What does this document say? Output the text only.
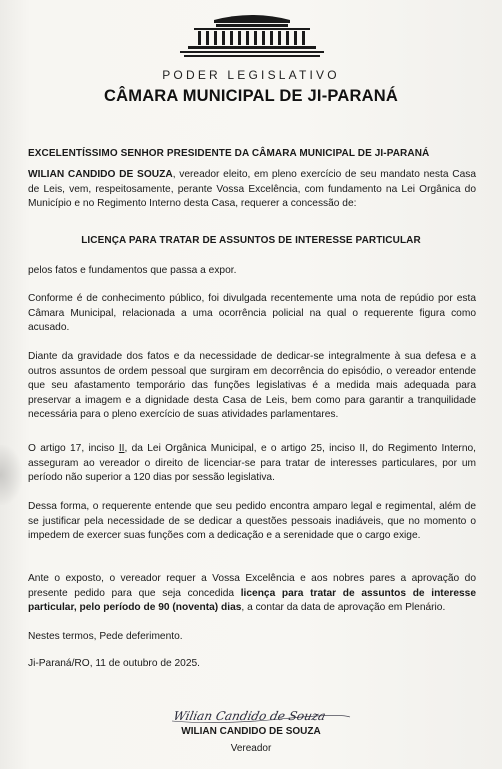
PODER LEGISLATIVO
CÂMARA MUNICIPAL DE JI-PARANÁ
EXCELENTÍSSIMO SENHOR PRESIDENTE DA CÂMARA MUNICIPAL DE JI-PARANÁ
WILIAN CANDIDO DE SOUZA, vereador eleito, em pleno exercício de seu mandato nesta Casa de Leis, vem, respeitosamente, perante Vossa Excelência, com fundamento na Lei Orgânica do Município e no Regimento Interno desta Casa, requerer a concessão de:
LICENÇA PARA TRATAR DE ASSUNTOS DE INTERESSE PARTICULAR
pelos fatos e fundamentos que passa a expor.
Conforme é de conhecimento público, foi divulgada recentemente uma nota de repúdio por esta Câmara Municipal, relacionada a uma ocorrência policial na qual o requerente figura como acusado.
Diante da gravidade dos fatos e da necessidade de dedicar-se integralmente à sua defesa e a outros assuntos de ordem pessoal que surgiram em decorrência do episódio, o vereador entende que seu afastamento temporário das funções legislativas é a medida mais adequada para preservar a imagem e a dignidade desta Casa de Leis, bem como para garantir a tranquilidade necessária para o pleno exercício de suas atividades parlamentares.
O artigo 17, inciso II, da Lei Orgânica Municipal, e o artigo 25, inciso II, do Regimento Interno, asseguram ao vereador o direito de licenciar-se para tratar de interesses particulares, por um período não superior a 120 dias por sessão legislativa.
Dessa forma, o requerente entende que seu pedido encontra amparo legal e regimental, além de se justificar pela necessidade de se dedicar a questões pessoais inadiáveis, que no momento o impedem de exercer suas funções com a dedicação e a serenidade que o cargo exige.
Ante o exposto, o vereador requer a Vossa Excelência e aos nobres pares a aprovação do presente pedido para que seja concedida licença para tratar de assuntos de interesse particular, pelo período de 90 (noventa) dias, a contar da data de aprovação em Plenário.
Nestes termos, Pede deferimento.
Ji-Paraná/RO, 11 de outubro de 2025.
Wilian Candido de Souza
WILIAN CANDIDO DE SOUZA
Vereador
